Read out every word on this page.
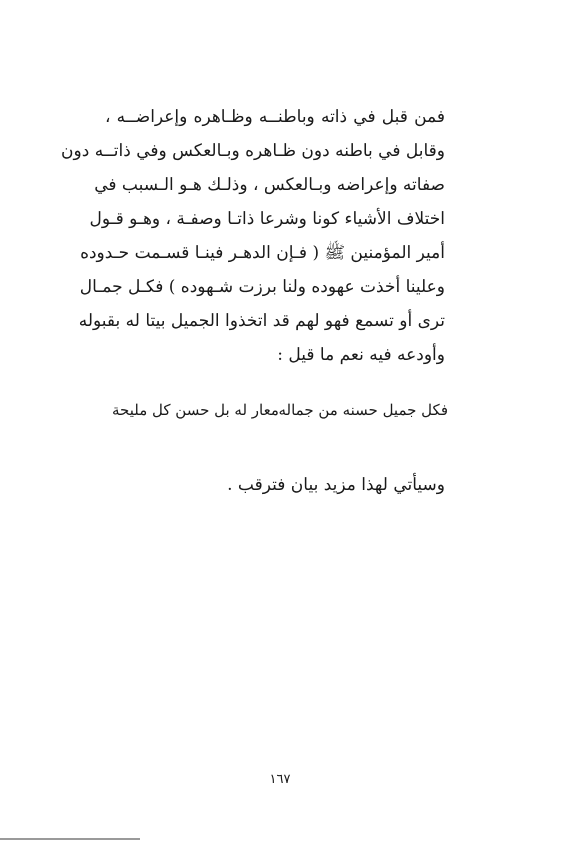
فمن قبل في ذاته وباطنــه وظـاهره وإعراضــه ،
وقابل في باطنه دون ظـاهره وبـالعكس وفي ذاتــه دون
صفاته وإعراضه وبـالعكس ، وذلـك هـو الـسبب في
اختلاف الأشياء كونا وشرعا ذاتـا وصفـة ، وهـو قـول
أمير المؤمنين ﷺ ( فـإن الدهـر فينـا قسـمت حـدوده
وعلينا أخذت عهوده ولنا برزت شـهوده ) فكـل جمـال
ترى أو تسمع فهو لهم قد اتخذوا الجميل بيتا له بقبوله
وأودعه فيه نعم ما قيل :
فكل جميل حسنه من جماله
معار له بل حسن كل مليحة
وسيأتي لهذا مزيد بيان فترقب .
١٦٧
